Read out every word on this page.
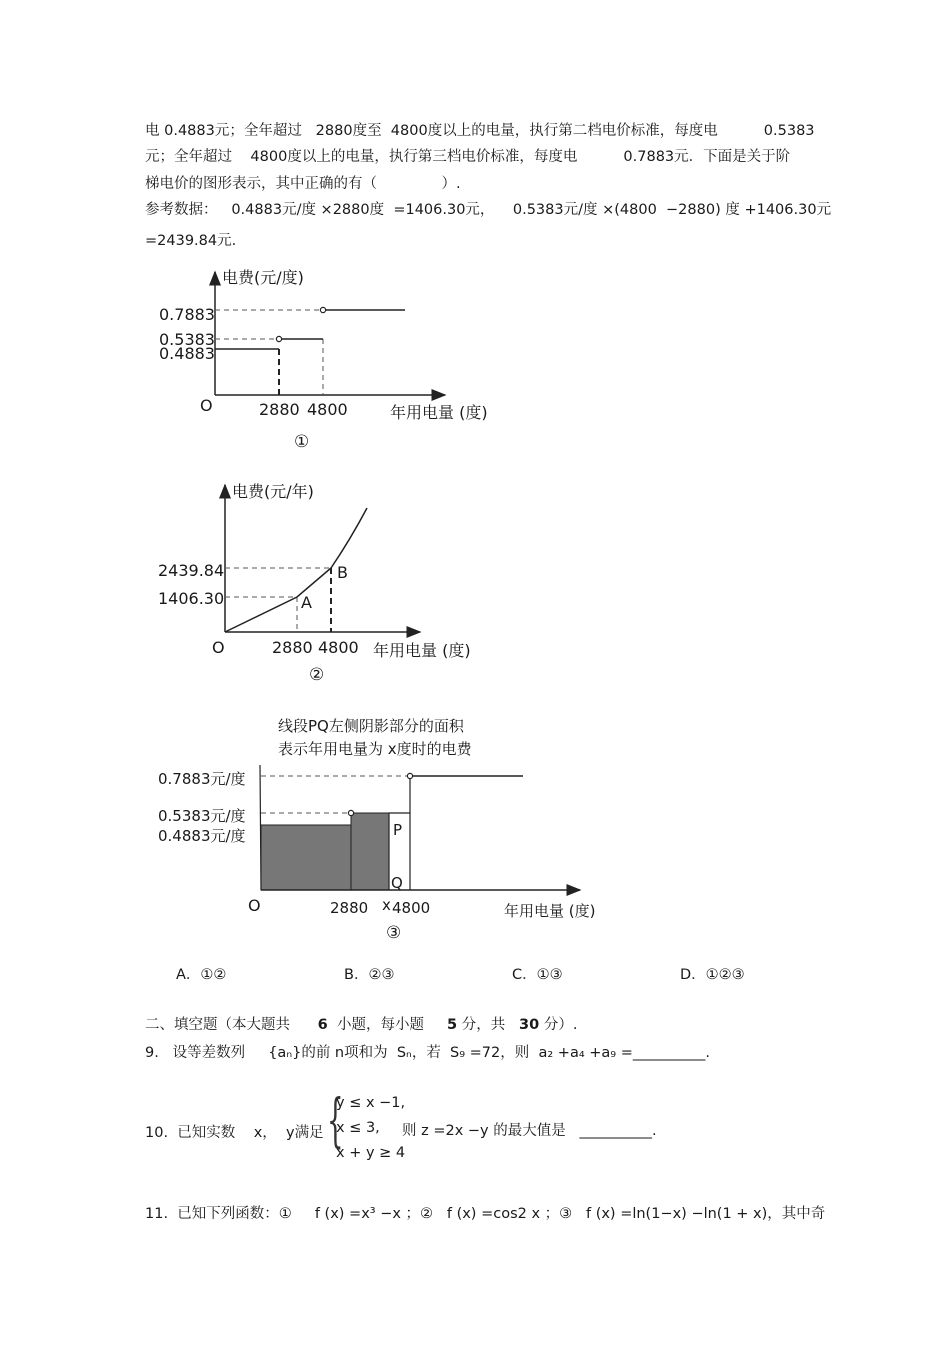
电 0.4883元；全年超过   2880度至  4800度以上的电量，执行第二档电价标准，每度电          0.5383
元；全年超过    4800度以上的电量，执行第三档电价标准，每度电          0.7883元．下面是关于阶
梯电价的图形表示，其中正确的有（              ）.
参考数据：   0.4883元/度 ×2880度  =1406.30元，    0.5383元/度 ×(4800  −2880) 度 +1406.30元
=2439.84元.
电费(元/度)
年用电量 (度)
O
0.7883
0.5383
0.4883
2880 4800
①
电费(元/年)
年用电量 (度)
O
2439.84
1406.30
2880 4800
A
B
②
线段PQ左侧阴影部分的面积
表示年用电量为 x度时的电费
0.7883元/度
0.5383元/度
0.4883元/度	P
Q
O	2880 x 4800	年用电量 (度)
③
A．①②	B．②③	C．①③	D．①②③
二、填空题（本大题共 6 小题，每小题 5 分，共 30 分）.
9.   设等差数列     {aₙ}的前 n项和为  Sₙ，若  S₉ =72，则  a₂ +a₄ +a₉ =__________.
10.  已知实数    x，  y满足 {
y ≤ x −1,
x ≤ 3,
x + y ≥ 4
则 z =2x −y 的最大值是   __________.
11.  已知下列函数：①     f (x) =x³ −x ；②   f (x) =cos2 x ；③   f (x) =ln(1−x) −ln(1 + x)，其中奇
